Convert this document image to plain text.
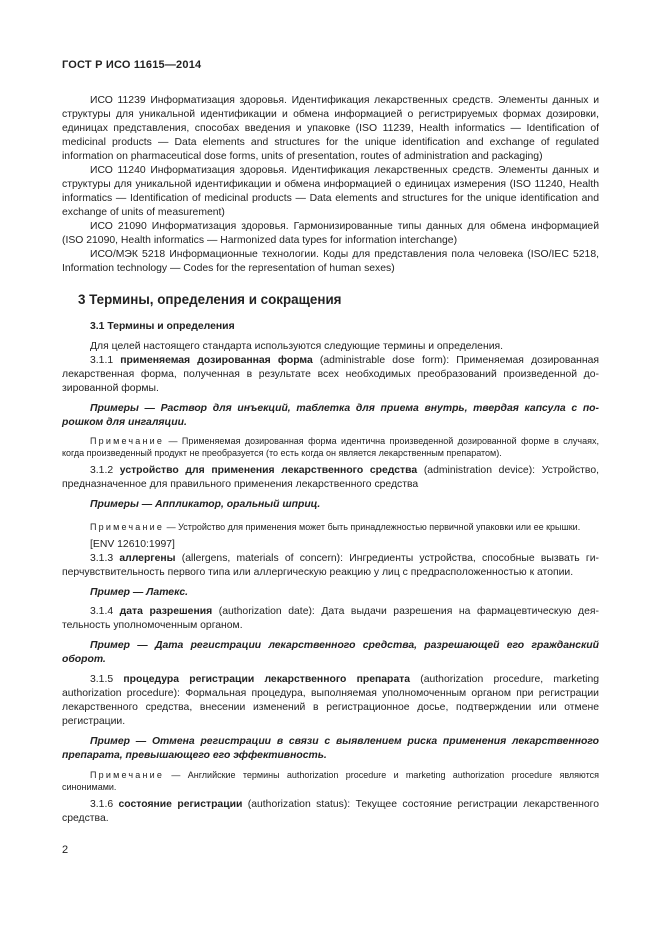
ГОСТ Р ИСО 11615—2014

ИСО 11239 Информатизация здоровья. Идентификация лекарственных средств. Элементы данных и структуры для уникальной идентификации и обмена информацией о регистрируемых формах дозировки, единицах представления, способах введения и упаковке (ISO 11239, Health informatics — Identification of medicinal products — Data elements and structures for the unique identification and exchange of regulated information on pharmaceutical dose forms, units of presentation, routes of administration and packaging)

ИСО 11240 Информатизация здоровья. Идентификация лекарственных средств. Элементы данных и структуры для уникальной идентификации и обмена информацией о единицах измерения (ISO 11240, Health informatics — Identification of medicinal products — Data elements and structures for the unique identification and exchange of units of measurement)

ИСО 21090 Информатизация здоровья. Гармонизированные типы данных для обмена информацией (ISO 21090, Health informatics — Harmonized data types for information interchange)

ИСО/МЭК 5218 Информационные технологии. Коды для представления пола человека (ISO/IEC 5218, Information technology — Codes for the representation of human sexes)

3 Термины, определения и сокращения

3.1 Термины и определения

Для целей настоящего стандарта используются следующие термины и определения.

3.1.1 применяемая дозированная форма (administrable dose form): Применяемая дозированная лекарственная форма, полученная в результате всех необходимых преобразований произведенной дозированной формы.

Примеры — Раствор для инъекций, таблетка для приема внутрь, твердая капсула с порошком для ингаляции.

Примечание — Применяемая дозированная форма идентична произведенной дозированной форме в случаях, когда произведенный продукт не преобразуется (то есть когда он является лекарственным препаратом).

3.1.2 устройство для применения лекарственного средства (administration device): Устройство, предназначенное для правильного применения лекарственного средства

Примеры — Аппликатор, оральный шприц.

Примечание — Устройство для применения может быть принадлежностью первичной упаковки или ее крышки.

[ENV 12610:1997]

3.1.3 аллергены (allergens, materials of concern): Ингредиенты устройства, способные вызвать гиперчувствительность первого типа или аллергическую реакцию у лиц с предрасположенностью к атопии.

Пример — Латекс.

3.1.4 дата разрешения (authorization date): Дата выдачи разрешения на фармацевтическую деятельность уполномоченным органом.

Пример — Дата регистрации лекарственного средства, разрешающей его гражданский оборот.

3.1.5 процедура регистрации лекарственного препарата (authorization procedure, marketing authorization procedure): Формальная процедура, выполняемая уполномоченным органом при регистрации лекарственного средства, внесении изменений в регистрационное досье, подтверждении или отмене регистрации.

Пример — Отмена регистрации в связи с выявлением риска применения лекарственного препарата, превышающего его эффективность.

Примечание — Английские термины authorization procedure и marketing authorization procedure являются синонимами.

3.1.6 состояние регистрации (authorization status): Текущее состояние регистрации лекарственного средства.

2
